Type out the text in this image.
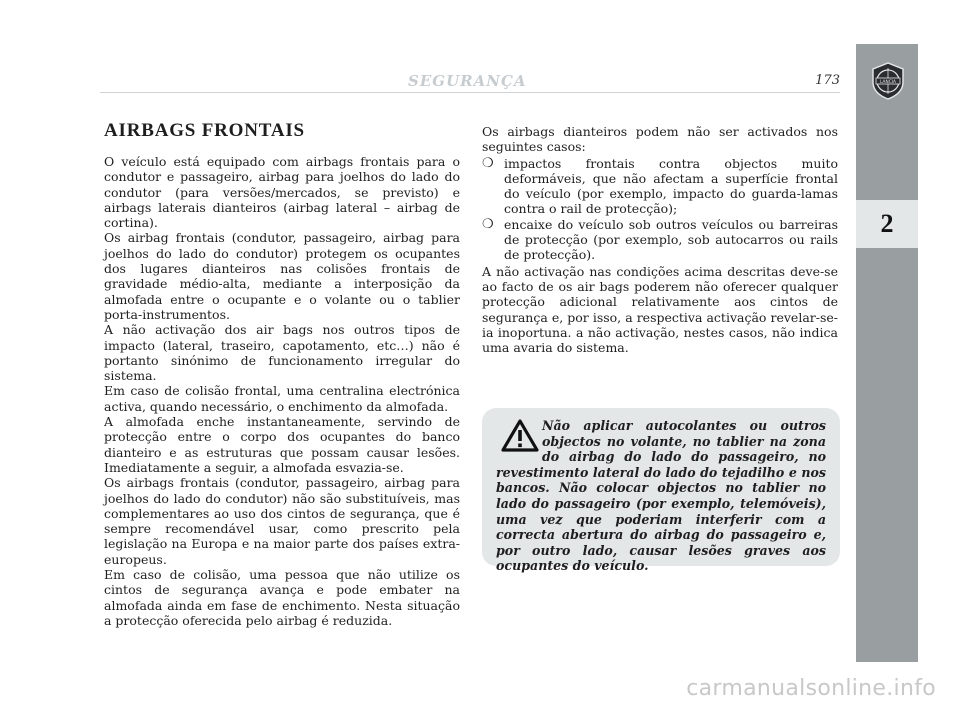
SEGURANÇA	173	LANCIA
2
AIRBAGS FRONTAIS

O veículo está equipado com airbags frontais para o condutor e passageiro, airbag para joelhos do lado do condutor (para versões/mercados, se previsto) e airbags laterais dianteiros (airbag lateral – airbag de cortina).

Os airbag frontais (condutor, passageiro, airbag para joelhos do lado do condutor) protegem os ocupantes dos lugares dianteiros nas colisões frontais de gravidade médio-alta, mediante a interposição da almofada entre o ocupante e o volante ou o tablier porta-instrumentos.

A não activação dos air bags nos outros tipos de impacto (lateral, traseiro, capotamento, etc…) não é portanto sinónimo de funcionamento irregular do sistema.

Em caso de colisão frontal, uma centralina electrónica activa, quando necessário, o enchimento da almofada.

A almofada enche instantaneamente, servindo de protecção entre o corpo dos ocupantes do banco dianteiro e as estruturas que possam causar lesões. Imediatamente a seguir, a almofada esvazia-se.

Os airbags frontais (condutor, passageiro, airbag para joelhos do lado do condutor) não são substituíveis, mas complementares ao uso dos cintos de segurança, que é sempre recomendável usar, como prescrito pela legislação na Europa e na maior parte dos países extra-europeus.

Em caso de colisão, uma pessoa que não utilize os cintos de segurança avança e pode embater na almofada ainda em fase de enchimento. Nesta situação a protecção oferecida pelo airbag é reduzida.

Os airbags dianteiros podem não ser activados nos seguintes casos:

❍ impactos frontais contra objectos muito deformáveis, que não afectam a superfície frontal do veículo (por exemplo, impacto do guarda-lamas contra o rail de protecção);
❍ encaixe do veículo sob outros veículos ou barreiras de protecção (por exemplo, sob autocarros ou rails de protecção).

A não activação nas condições acima descritas deve-se ao facto de os air bags poderem não oferecer qualquer protecção adicional relativamente aos cintos de segurança e, por isso, a respectiva activação revelar-se-ia inoportuna. a não activação, nestes casos, não indica uma avaria do sistema.

Não aplicar autocolantes ou outros objectos no volante, no tablier na zona do airbag do lado do passageiro, no revestimento lateral do lado do tejadilho e nos bancos. Não colocar objectos no tablier no lado do passageiro (por exemplo, telemóveis), uma vez que poderiam interferir com a correcta abertura do airbag do passageiro e, por outro lado, causar lesões graves aos ocupantes do veículo.
carmanualsonline.info
